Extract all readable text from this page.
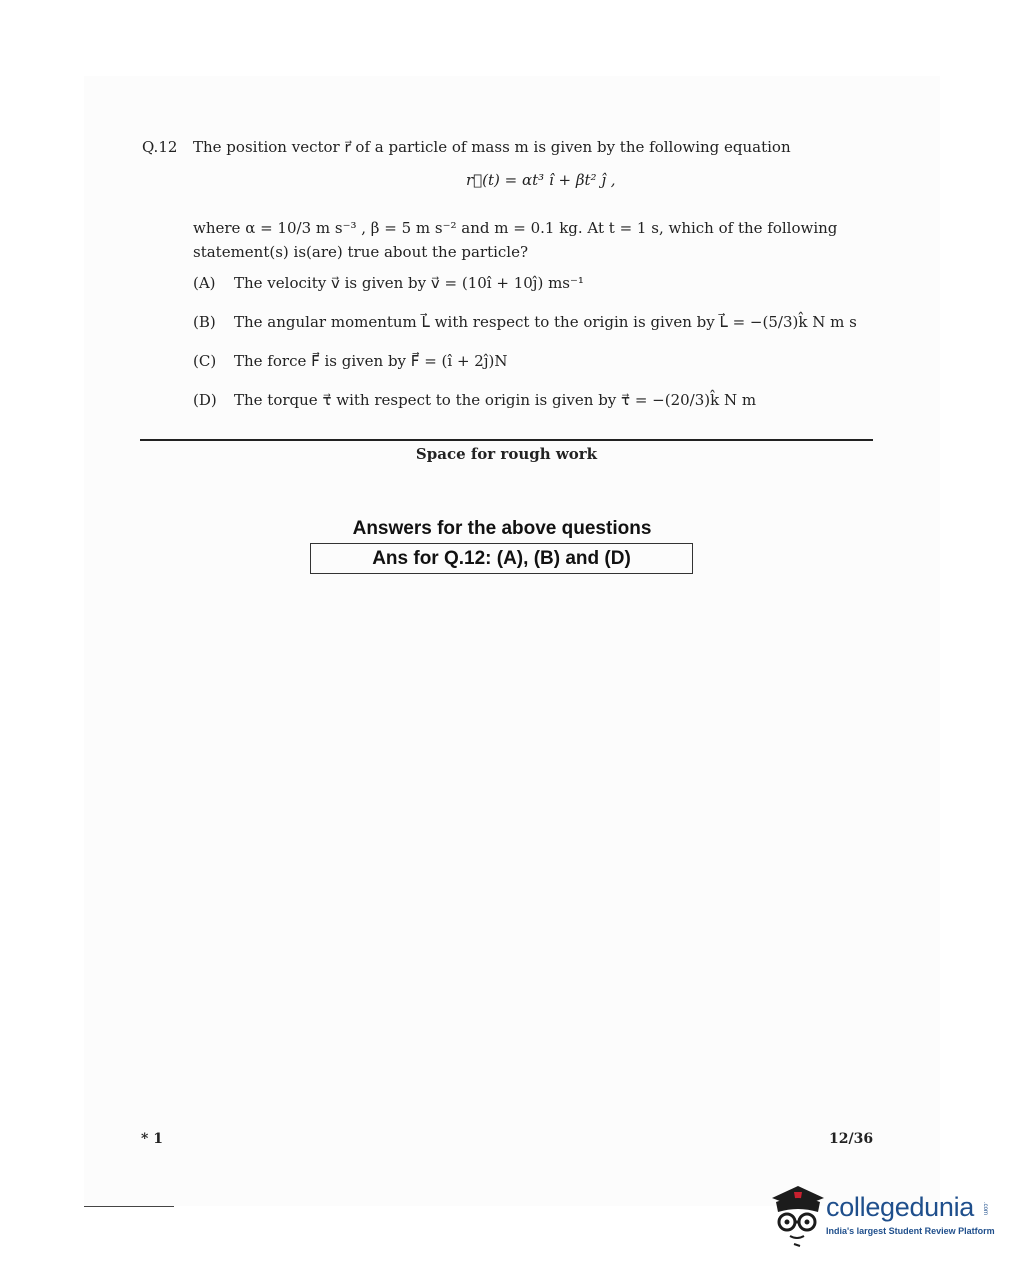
Q.12 The position vector r⃗ of a particle of mass m is given by the following equation
r⃗(t) = αt³ î + βt² ĵ ,
where α = 10/3 m s⁻³ , β = 5 m s⁻² and m = 0.1 kg. At t = 1 s, which of the following statement(s) is(are) true about the particle?
(A) The velocity v⃗ is given by v⃗ = (10î + 10ĵ) ms⁻¹
(B) The angular momentum L⃗ with respect to the origin is given by L⃗ = −(5/3)k̂ N m s
(C) The force F⃗ is given by F⃗ = (î + 2ĵ)N
(D) The torque τ⃗ with respect to the origin is given by τ⃗ = −(20/3)k̂ N m
Space for rough work
Answers for the above questions
Ans for Q.12: (A), (B) and (D)
* 1	12/36
collegedunia .com
India's largest Student Review Platform
